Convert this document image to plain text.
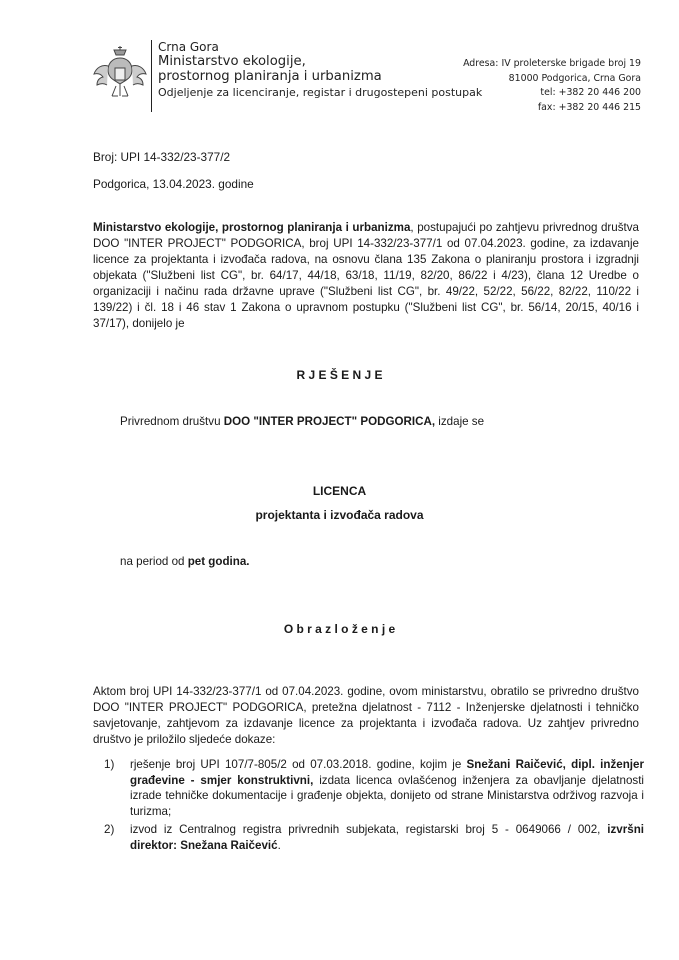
Crna Gora
Ministarstvo ekologije,
prostornog planiranja i urbanizma
Odjeljenje za licenciranje, registar i drugostepeni postupak
Adresa: IV proleterske brigade broj 19
81000 Podgorica, Crna Gora
tel: +382 20 446 200
fax: +382 20 446 215
Broj: UPI 14-332/23-377/2
Podgorica, 13.04.2023. godine

Ministarstvo ekologije, prostornog planiranja i urbanizma, postupajući po zahtjevu privrednog društva DOO "INTER PROJECT" PODGORICA, broj UPI 14-332/23-377/1 od 07.04.2023. godine, za izdavanje licence za projektanta i izvođača radova, na osnovu člana 135 Zakona o planiranju prostora i izgradnji objekata ("Službeni list CG", br. 64/17, 44/18, 63/18, 11/19, 82/20, 86/22 i 4/23), člana 12 Uredbe o organizaciji i načinu rada državne uprave ("Službeni list CG", br. 49/22, 52/22, 56/22, 82/22, 110/22 i 139/22) i čl. 18 i 46 stav 1 Zakona o upravnom postupku ("Službeni list CG", br. 56/14, 20/15, 40/16 i 37/17), donijelo je

R J E Š E N J E

Privrednom društvu DOO "INTER PROJECT" PODGORICA, izdaje se

LICENCA
projektanta i izvođača radova

na period od pet godina.

O b r a z l o ž e n j e

Aktom broj UPI 14-332/23-377/1 od 07.04.2023. godine, ovom ministarstvu, obratilo se privredno društvo DOO "INTER PROJECT" PODGORICA, pretežna djelatnost - 7112 - Inženjerske djelatnosti i tehničko savjetovanje, zahtjevom za izdavanje licence za projektanta i izvođača radova. Uz zahtjev privredno društvo je priložilo sljedeće dokaze:

1) rješenje broj UPI 107/7-805/2 od 07.03.2018. godine, kojim je Snežani Raičević, dipl. inženjer građevine - smjer konstruktivni, izdata licenca ovlašćenog inženjera za obavljanje djelatnosti izrade tehničke dokumentacije i građenje objekta, donijeto od strane Ministarstva održivog razvoja i turizma;
2) izvod iz Centralnog registra privrednih subjekata, registarski broj 5 - 0649066 / 002, izvršni direktor: Snežana Raičević.
